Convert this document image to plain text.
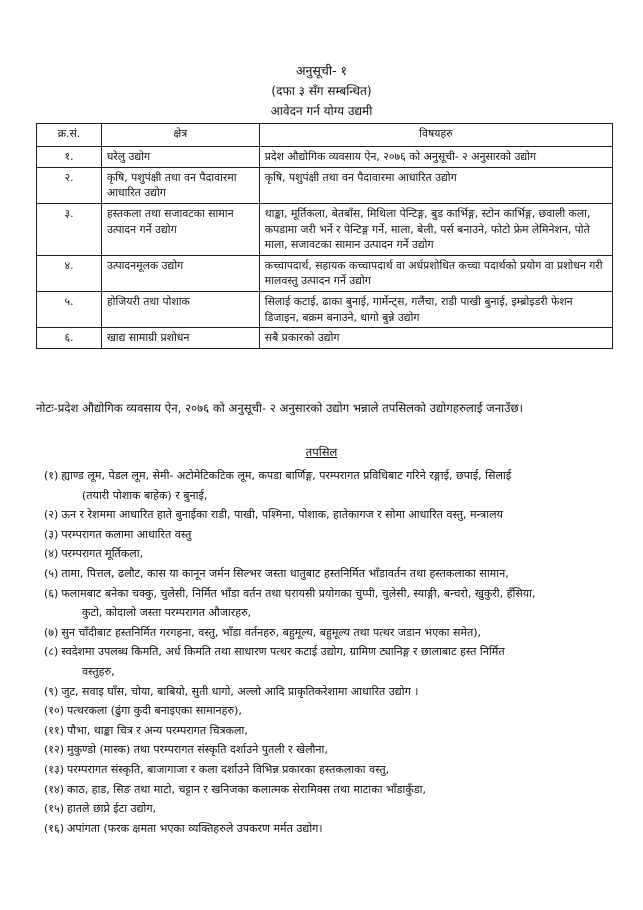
अनुसूची- १
(दफा ३ सँग सम्बन्धित)
आवेदन गर्न योग्य उद्यमी
क्र.सं.	क्षेत्र	विषयहरु
१.	घरेलु उद्योग	प्रदेश औद्योगिक व्यवसाय ऐन, २०७६ को अनुसूची- २ अनुसारको उद्योग
२.	कृषि, पशुपंक्षी तथा वन पैदावारमा आधारित उद्योग	कृषि, पशुपंक्षी तथा वन पैदावारमा आधारित उद्योग
३.	हस्तकला तथा सजावटका सामान उत्पादन गर्ने उद्योग	थाङ्का, मूर्तिकला, बेतबाँस, मिथिला पेन्टिङ्ग, बुड कार्भिङ्ग, स्टोन कार्भिङ्ग, छवाली कला, कपडामा जरी भर्ने र पेन्टिङ्ग गर्ने, माला, बेली, पर्स बनाउने, फोटो फ्रेम लेमिनेशन, पोते माला, सजावटका सामान उत्पादन गर्ने उद्योग
४.	उत्पादनमूलक उद्योग	कच्चापदार्थ, सहायक कच्चापदार्थ वा अर्धप्रशोधित कच्चा पदार्थको प्रयोग वा प्रशोधन गरी मालवस्तु उत्पादन गर्ने उद्योग
५.	होजियरी तथा पोशाक	सिलाई कटाई, ढाका बुनाई, गार्मेन्ट्स, गलैंचा, राडी पाखी बुनाई, इम्ब्रोइडरी फेशन डिजाइन, बक्रम बनाउने, धागो बुन्ने उद्योग
६.	खाद्य सामाग्री प्रशोधन	सबै प्रकारको उद्योग
नोटः-प्रदेश औद्योगिक व्यवसाय ऐन, २०७६ को अनुसूची- २ अनुसारको उद्योग भन्नाले तपसिलको उद्योगहरुलाई जनाउँछ।
तपसिल
(१) ह्याण्ड लूम, पेडल लूम, सेमी- अटोमेटिकटिक लूम, कपडा बार्णिङ्ग, परम्परागत प्रविधिबाट गरिने रङ्गाई, छपाई, सिलाई
(तयारी पोशाक बाहेक) र बुनाई,
(२) ऊन र रेशममा आधारित हाते बुनाईका राडी, पाखी, पश्मिना, पोशाक, हातेकागज र सोमा आधारित वस्तु, मन्त्रालय
(३) परम्परागत कलामा आधारित वस्तु
(४) परम्परागत मूर्तिकला,
(५) तामा, पित्तल, ढलौट, कास या कानून जर्मन सिल्भर जस्ता धातुबाट हस्तनिर्मित भाँडावर्तन तथा हस्तकलाका सामान,
(६) फलामबाट बनेका चक्कु, चुलेसी, निर्मित भाँडा वर्तन तथा घरायसी प्रयोगका चुप्पी, चुलेसी, स्याङ्गी, बन्चरो, खुकुरी, हँसिया,
कुटो, कोदालो जस्ता परम्परागत औजारहरु,
(७) सुन चाँदीबाट हस्तनिर्मित गरगहना, वस्तु, भाँडा वर्तनहरु, बहुमूल्य, बहुमूल्य तथा पत्थर जडान भएका समेत),
(८) स्वदेशमा उपलब्ध किमति, अर्ध किमति तथा साधारण पत्थर कटाई उद्योग, ग्रामिण ट्यानिङ्ग र छालाबाट हस्त निर्मित
वस्तुहरु,
(९) जुट, सवाइ घाँस, चोया, बाबियो, सुती धागो, अल्लो आदि प्राकृतिकरेशामा आधारित उद्योग ।
(१०) पत्थरकला (ढुंगा कुदी बनाइएका सामानहरु),
(११) पौभा, थाङ्का चित्र र अन्य परम्परागत चित्रकला,
(१२) मुकुण्डो (मास्क) तथा परम्परागत संस्कृति दर्शाउने पुतली र खेलौना,
(१३) परम्परागत संस्कृति, बाजागाजा र कला दर्शाउने विभिन्न प्रकारका हस्तकलाका वस्तु,
(१४) काठ, हाड, सिङ तथा माटो, चट्टान र खनिजका कलात्मक सेरामिक्स तथा माटाका भाँडाकुँडा,
(१५) हातले छाप्ने ईटा उद्योग,
(१६) अपांगता (फरक क्षमता भएका व्यक्तिहरुले उपकरण मर्मत उद्योग।
